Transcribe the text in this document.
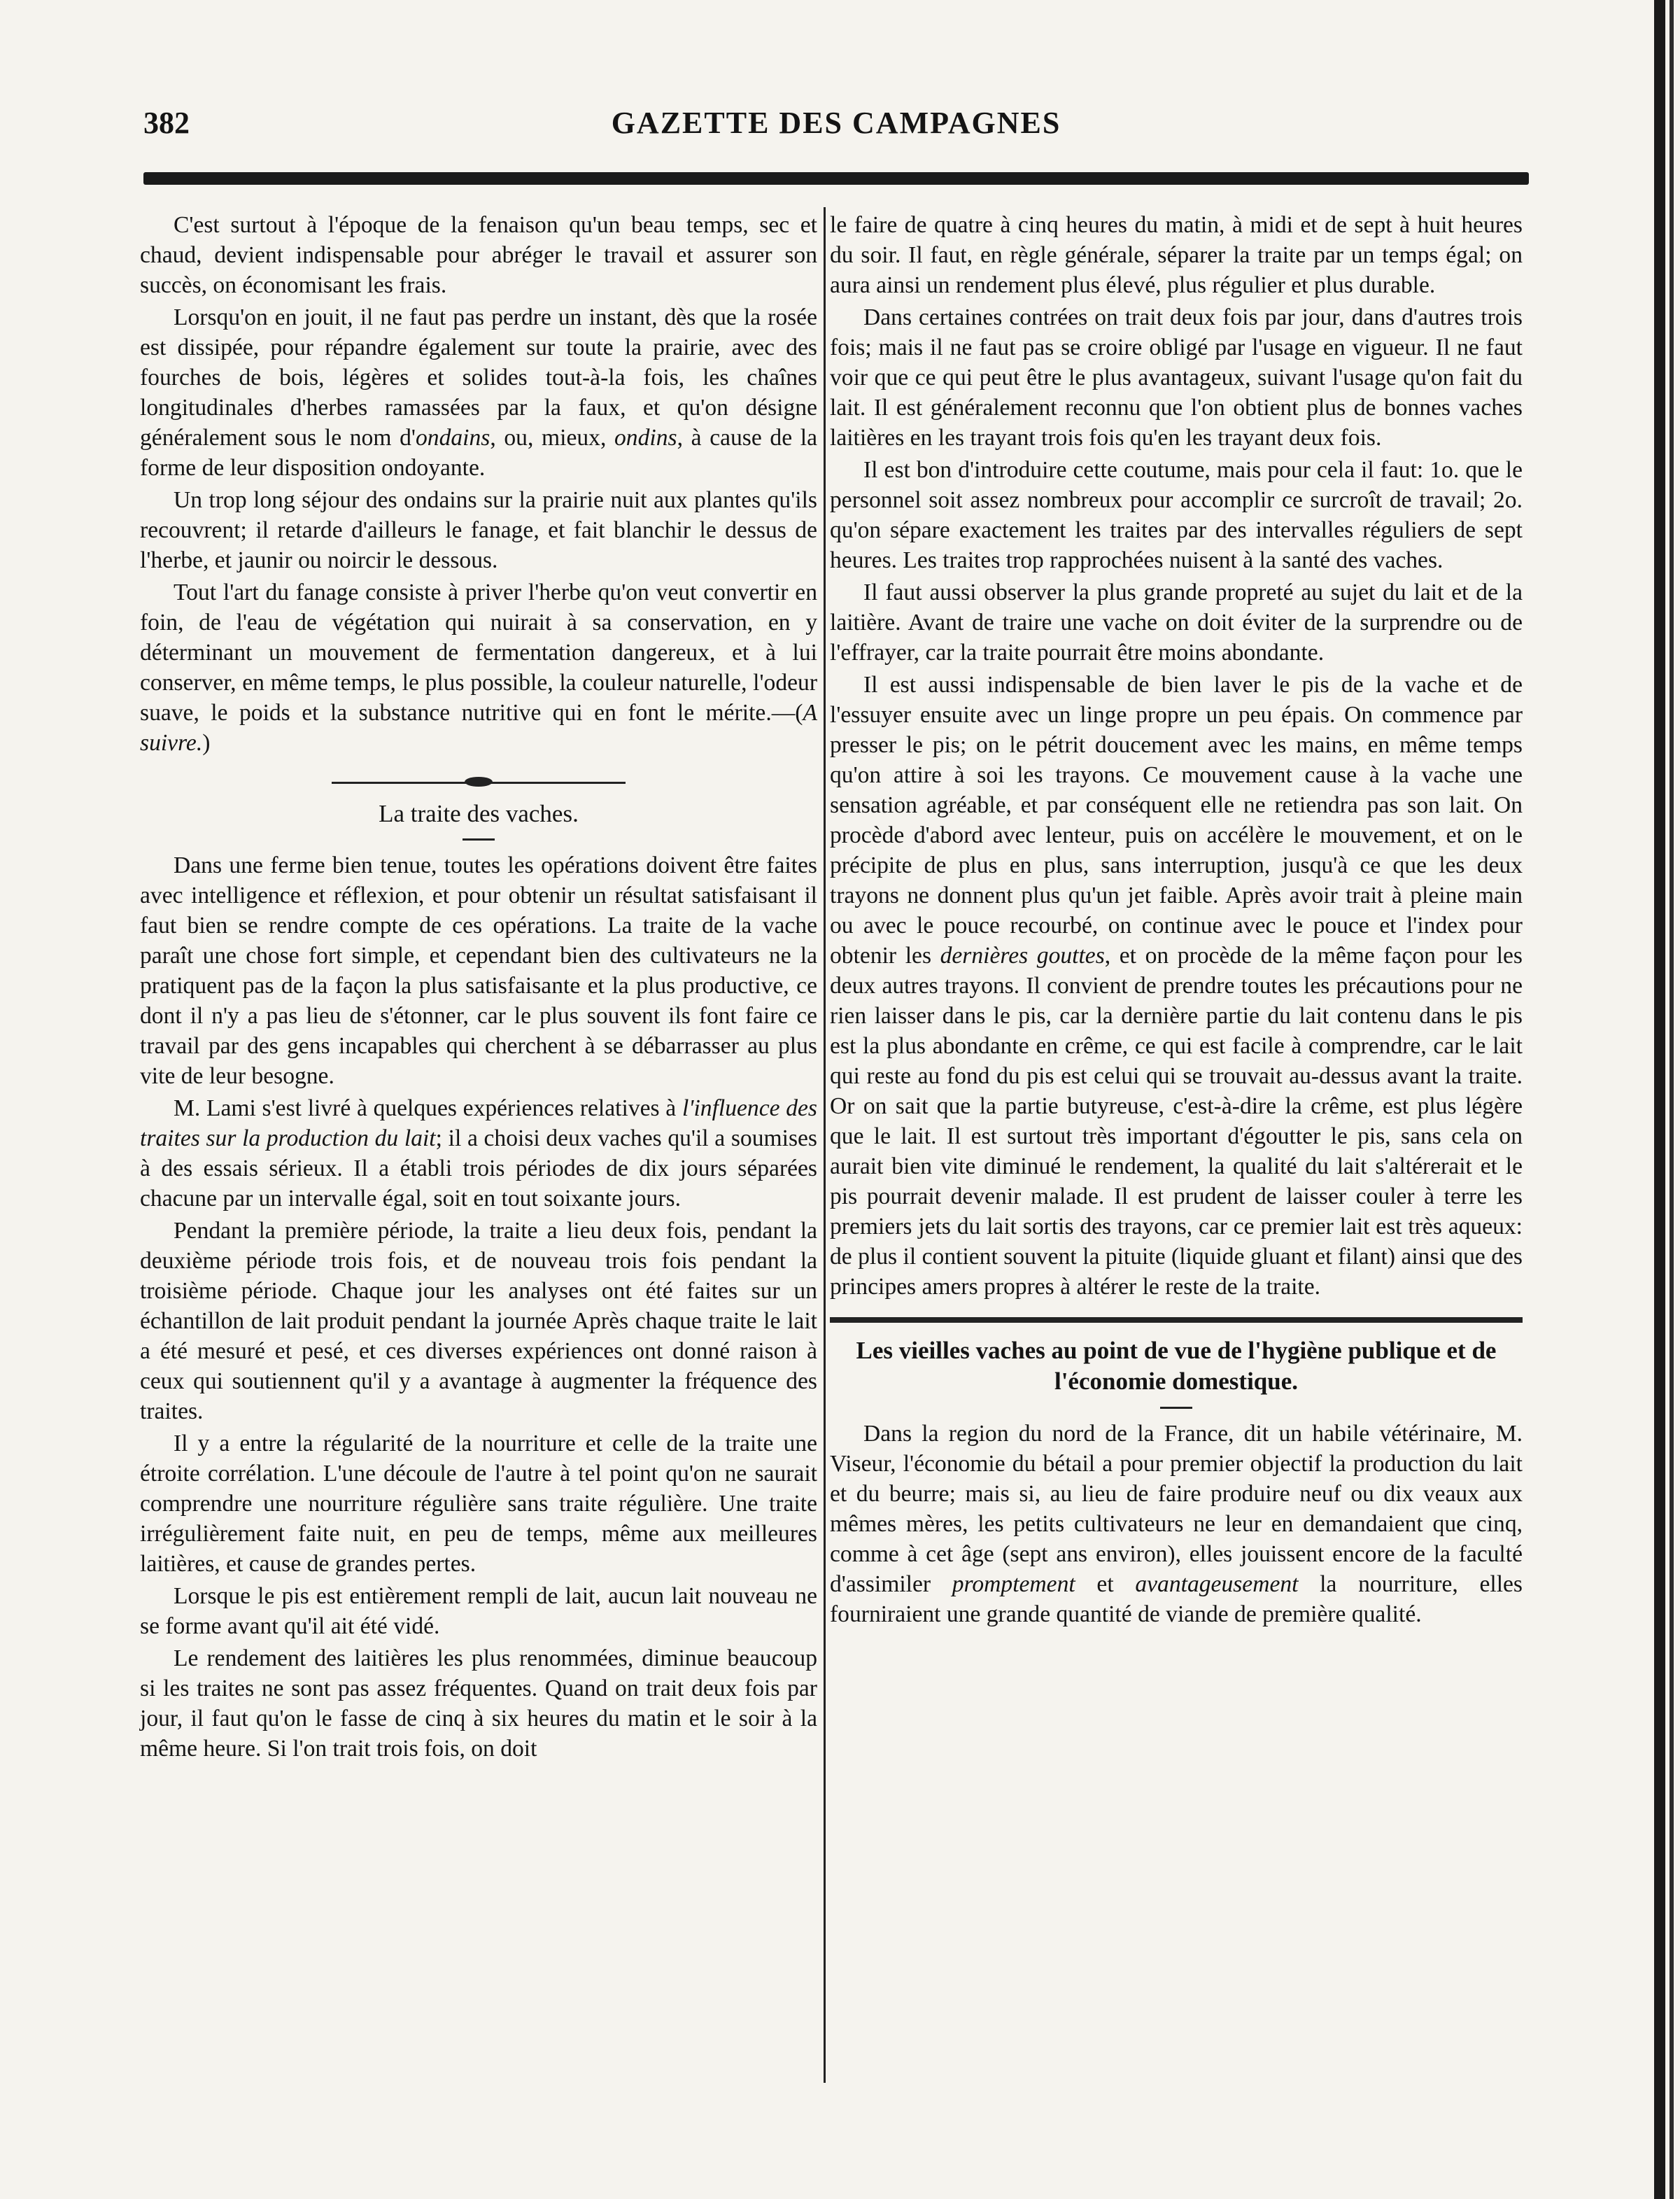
382	GAZETTE DES CAMPAGNES

C'est surtout à l'époque de la fenaison qu'un beau temps, sec et chaud, devient indispensable pour abréger le travail et assurer son succès, on économisant les frais.

Lorsqu'on en jouit, il ne faut pas perdre un instant, dès que la rosée est dissipée, pour répandre également sur toute la prairie, avec des fourches de bois, légères et solides tout-à-la fois, les chaînes longitudinales d'herbes ramassées par la faux, et qu'on désigne généralement sous le nom d'ondains, ou, mieux, ondins, à cause de la forme de leur disposition ondoyante.

Un trop long séjour des ondains sur la prairie nuit aux plantes qu'ils recouvrent; il retarde d'ailleurs le fanage, et fait blanchir le dessus de l'herbe, et jaunir ou noircir le dessous.

Tout l'art du fanage consiste à priver l'herbe qu'on veut convertir en foin, de l'eau de végétation qui nuirait à sa conservation, en y déterminant un mouvement de fermentation dangereux, et à lui conserver, en même temps, le plus possible, la couleur naturelle, l'odeur suave, le poids et la substance nutritive qui en font le mérite.—(A suivre.)

La traite des vaches.

Dans une ferme bien tenue, toutes les opérations doivent être faites avec intelligence et réflexion, et pour obtenir un résultat satisfaisant il faut bien se rendre compte de ces opérations. La traite de la vache paraît une chose fort simple, et cependant bien des cultivateurs ne la pratiquent pas de la façon la plus satisfaisante et la plus productive, ce dont il n'y a pas lieu de s'étonner, car le plus souvent ils font faire ce travail par des gens incapables qui cherchent à se débarrasser au plus vite de leur besogne.

M. Lami s'est livré à quelques expériences relatives à l'influence des traites sur la production du lait; il a choisi deux vaches qu'il a soumises à des essais sérieux. Il a établi trois périodes de dix jours séparées chacune par un intervalle égal, soit en tout soixante jours.

Pendant la première période, la traite a lieu deux fois, pendant la deuxième période trois fois, et de nouveau trois fois pendant la troisième période. Chaque jour les analyses ont été faites sur un échantillon de lait produit pendant la journée Après chaque traite le lait a été mesuré et pesé, et ces diverses expériences ont donné raison à ceux qui soutiennent qu'il y a avantage à augmenter la fréquence des traites.

Il y a entre la régularité de la nourriture et celle de la traite une étroite corrélation. L'une découle de l'autre à tel point qu'on ne saurait comprendre une nourriture régulière sans traite régulière. Une traite irrégulièrement faite nuit, en peu de temps, même aux meilleures laitières, et cause de grandes pertes.

Lorsque le pis est entièrement rempli de lait, aucun lait nouveau ne se forme avant qu'il ait été vidé.

Le rendement des laitières les plus renommées, diminue beaucoup si les traites ne sont pas assez fréquentes. Quand on trait deux fois par jour, il faut qu'on le fasse de cinq à six heures du matin et le soir à la même heure. Si l'on trait trois fois, on doit

le faire de quatre à cinq heures du matin, à midi et de sept à huit heures du soir. Il faut, en règle générale, séparer la traite par un temps égal; on aura ainsi un rendement plus élevé, plus régulier et plus durable.

Dans certaines contrées on trait deux fois par jour, dans d'autres trois fois; mais il ne faut pas se croire obligé par l'usage en vigueur. Il ne faut voir que ce qui peut être le plus avantageux, suivant l'usage qu'on fait du lait. Il est généralement reconnu que l'on obtient plus de bonnes vaches laitières en les trayant trois fois qu'en les trayant deux fois.

Il est bon d'introduire cette coutume, mais pour cela il faut: 1o. que le personnel soit assez nombreux pour accomplir ce surcroît de travail; 2o. qu'on sépare exactement les traites par des intervalles réguliers de sept heures. Les traites trop rapprochées nuisent à la santé des vaches.

Il faut aussi observer la plus grande propreté au sujet du lait et de la laitière. Avant de traire une vache on doit éviter de la surprendre ou de l'effrayer, car la traite pourrait être moins abondante.

Il est aussi indispensable de bien laver le pis de la vache et de l'essuyer ensuite avec un linge propre un peu épais. On commence par presser le pis; on le pétrit doucement avec les mains, en même temps qu'on attire à soi les trayons. Ce mouvement cause à la vache une sensation agréable, et par conséquent elle ne retiendra pas son lait. On procède d'abord avec lenteur, puis on accélère le mouvement, et on le précipite de plus en plus, sans interruption, jusqu'à ce que les deux trayons ne donnent plus qu'un jet faible. Après avoir trait à pleine main ou avec le pouce recourbé, on continue avec le pouce et l'index pour obtenir les dernières gouttes, et on procède de la même façon pour les deux autres trayons. Il convient de prendre toutes les précautions pour ne rien laisser dans le pis, car la dernière partie du lait contenu dans le pis est la plus abondante en crême, ce qui est facile à comprendre, car le lait qui reste au fond du pis est celui qui se trouvait au-dessus avant la traite. Or on sait que la partie butyreuse, c'est-à-dire la crême, est plus légère que le lait. Il est surtout très important d'égoutter le pis, sans cela on aurait bien vite diminué le rendement, la qualité du lait s'altérerait et le pis pourrait devenir malade. Il est prudent de laisser couler à terre les premiers jets du lait sortis des trayons, car ce premier lait est très aqueux: de plus il contient souvent la pituite (liquide gluant et filant) ainsi que des principes amers propres à altérer le reste de la traite.

Les vieilles vaches au point de vue de l'hygiène publique et de l'économie domestique.

Dans la region du nord de la France, dit un habile vétérinaire, M. Viseur, l'économie du bétail a pour premier objectif la production du lait et du beurre; mais si, au lieu de faire produire neuf ou dix veaux aux mêmes mères, les petits cultivateurs ne leur en demandaient que cinq, comme à cet âge (sept ans environ), elles jouissent encore de la faculté d'assimiler promptement et avantageusement la nourriture, elles fourniraient une grande quantité de viande de première qualité.
